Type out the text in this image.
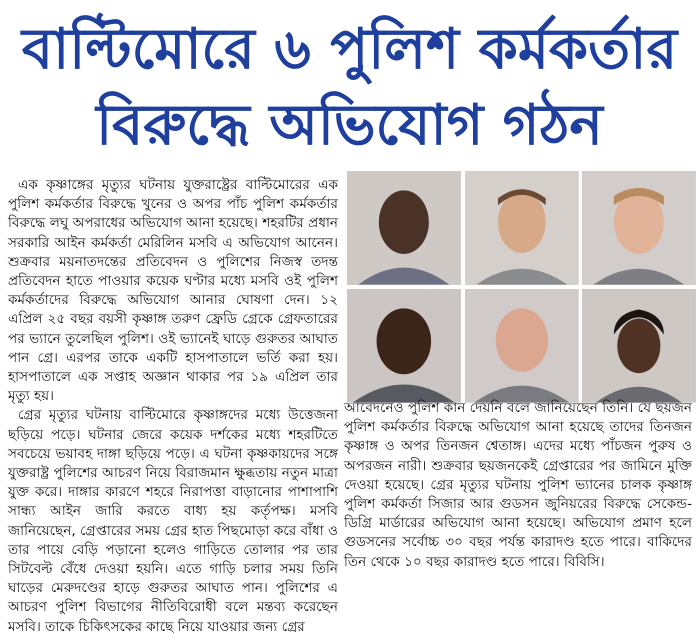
বাল্টিমোরে ৬ পুলিশ কর্মকর্তার
বিরুদ্ধে অভিযোগ গঠন

এক কৃষ্ণাঙ্গের মৃত্যুর ঘটনায় যুক্তরাষ্ট্রের বাল্টিমোরের এক পুলিশ কর্মকর্তার বিরুদ্ধে খুনের ও অপর পাঁচ পুলিশ কর্মকর্তার বিরুদ্ধে লঘু অপরাধের অভিযোগ আনা হয়েছে। শহরটির প্রধান সরকারি আইন কর্মকর্তা মেরিলিন মসবি এ অভিযোগ আনেন। শুক্রবার ময়নাতদন্তের প্রতিবেদন ও পুলিশের নিজস্ব তদন্ত প্রতিবেদন হাতে পাওয়ার কয়েক ঘণ্টার মধ্যে মসবি ওই পুলিশ কর্মকর্তাদের বিরুদ্ধে অভিযোগ আনার ঘোষণা দেন। ১২ এপ্রিল ২৫ বছর বয়সী কৃষ্ণাঙ্গ তরুণ ফ্রেডি গ্রেকে গ্রেফতারের পর ভ্যানে তুলেছিল পুলিশ। ওই ভ্যানেই ঘাড়ে গুরুতর আঘাত পান গ্রে। এরপর তাকে একটি হাসপাতালে ভর্তি করা হয়। হাসপাতালে এক সপ্তাহ অজ্ঞান থাকার পর ১৯ এপ্রিল তার মৃত্যু হয়।

গ্রের মৃত্যুর ঘটনায় বাল্টিমোরে কৃষ্ণাঙ্গদের মধ্যে উত্তেজনা ছড়িয়ে পড়ে। ঘটনার জেরে কয়েক দর্শকের মধ্যে শহরটিতে সবচেয়ে ভয়াবহ দাঙ্গা ছড়িয়ে পড়ে। এ ঘটনা কৃষ্ণকায়দের সঙ্গে যুক্তরাষ্ট্র পুলিশের আচরণ নিয়ে বিরাজমান ক্ষুব্ধতায় নতুন মাত্রা যুক্ত করে। দাঙ্গার কারণে শহরে নিরাপত্তা বাড়ানোর পাশাপাশি সান্ধ্য আইন জারি করতে বাধ্য হয় কর্তৃপক্ষ। মসবি জানিয়েছেন, গ্রেপ্তারের সময় গ্রের হাত পিছমোড়া করে বাঁধা ও তার পায়ে বেড়ি পড়ানো হলেও গাড়িতে তোলার পর তার সিটবেল্ট বেঁধে দেওয়া হয়নি। এতে গাড়ি চলার সময় তিনি ঘাড়ের মেরুদণ্ডের হাড়ে গুরুতর আঘাত পান। পুলিশের এ আচরণ পুলিশ বিভাগের নীতিবিরোধী বলে মন্তব্য করেছেন মসবি। তাকে চিকিৎসকের কাছে নিয়ে যাওয়ার জন্য গ্রের

আবেদনেও পুলিশ কান দেয়নি বলে জানিয়েছেন তিনি। যে ছয়জন পুলিশ কর্মকর্তার বিরুদ্ধে অভিযোগ আনা হয়েছে তাদের তিনজন কৃষ্ণাঙ্গ ও অপর তিনজন শ্বেতাঙ্গ। এদের মধ্যে পাঁচজন পুরুষ ও অপরজন নারী। শুক্রবার ছয়জনকেই গ্রেপ্তারের পর জামিনে মুক্তি দেওয়া হয়েছে। গ্রের মৃত্যুর ঘটনায় পুলিশ ভ্যানের চালক কৃষ্ণাঙ্গ পুলিশ কর্মকর্তা সিজার আর গুডসন জুনিয়রের বিরুদ্ধে সেকেন্ড-ডিগ্রি মার্ডারের অভিযোগ আনা হয়েছে। অভিযোগ প্রমাণ হলে গুডসনের সর্বোচ্চ ৩০ বছর পর্যন্ত কারাদণ্ড হতে পারে। বাকিদের তিন থেকে ১০ বছর কারাদণ্ড হতে পারে। বিবিসি।
